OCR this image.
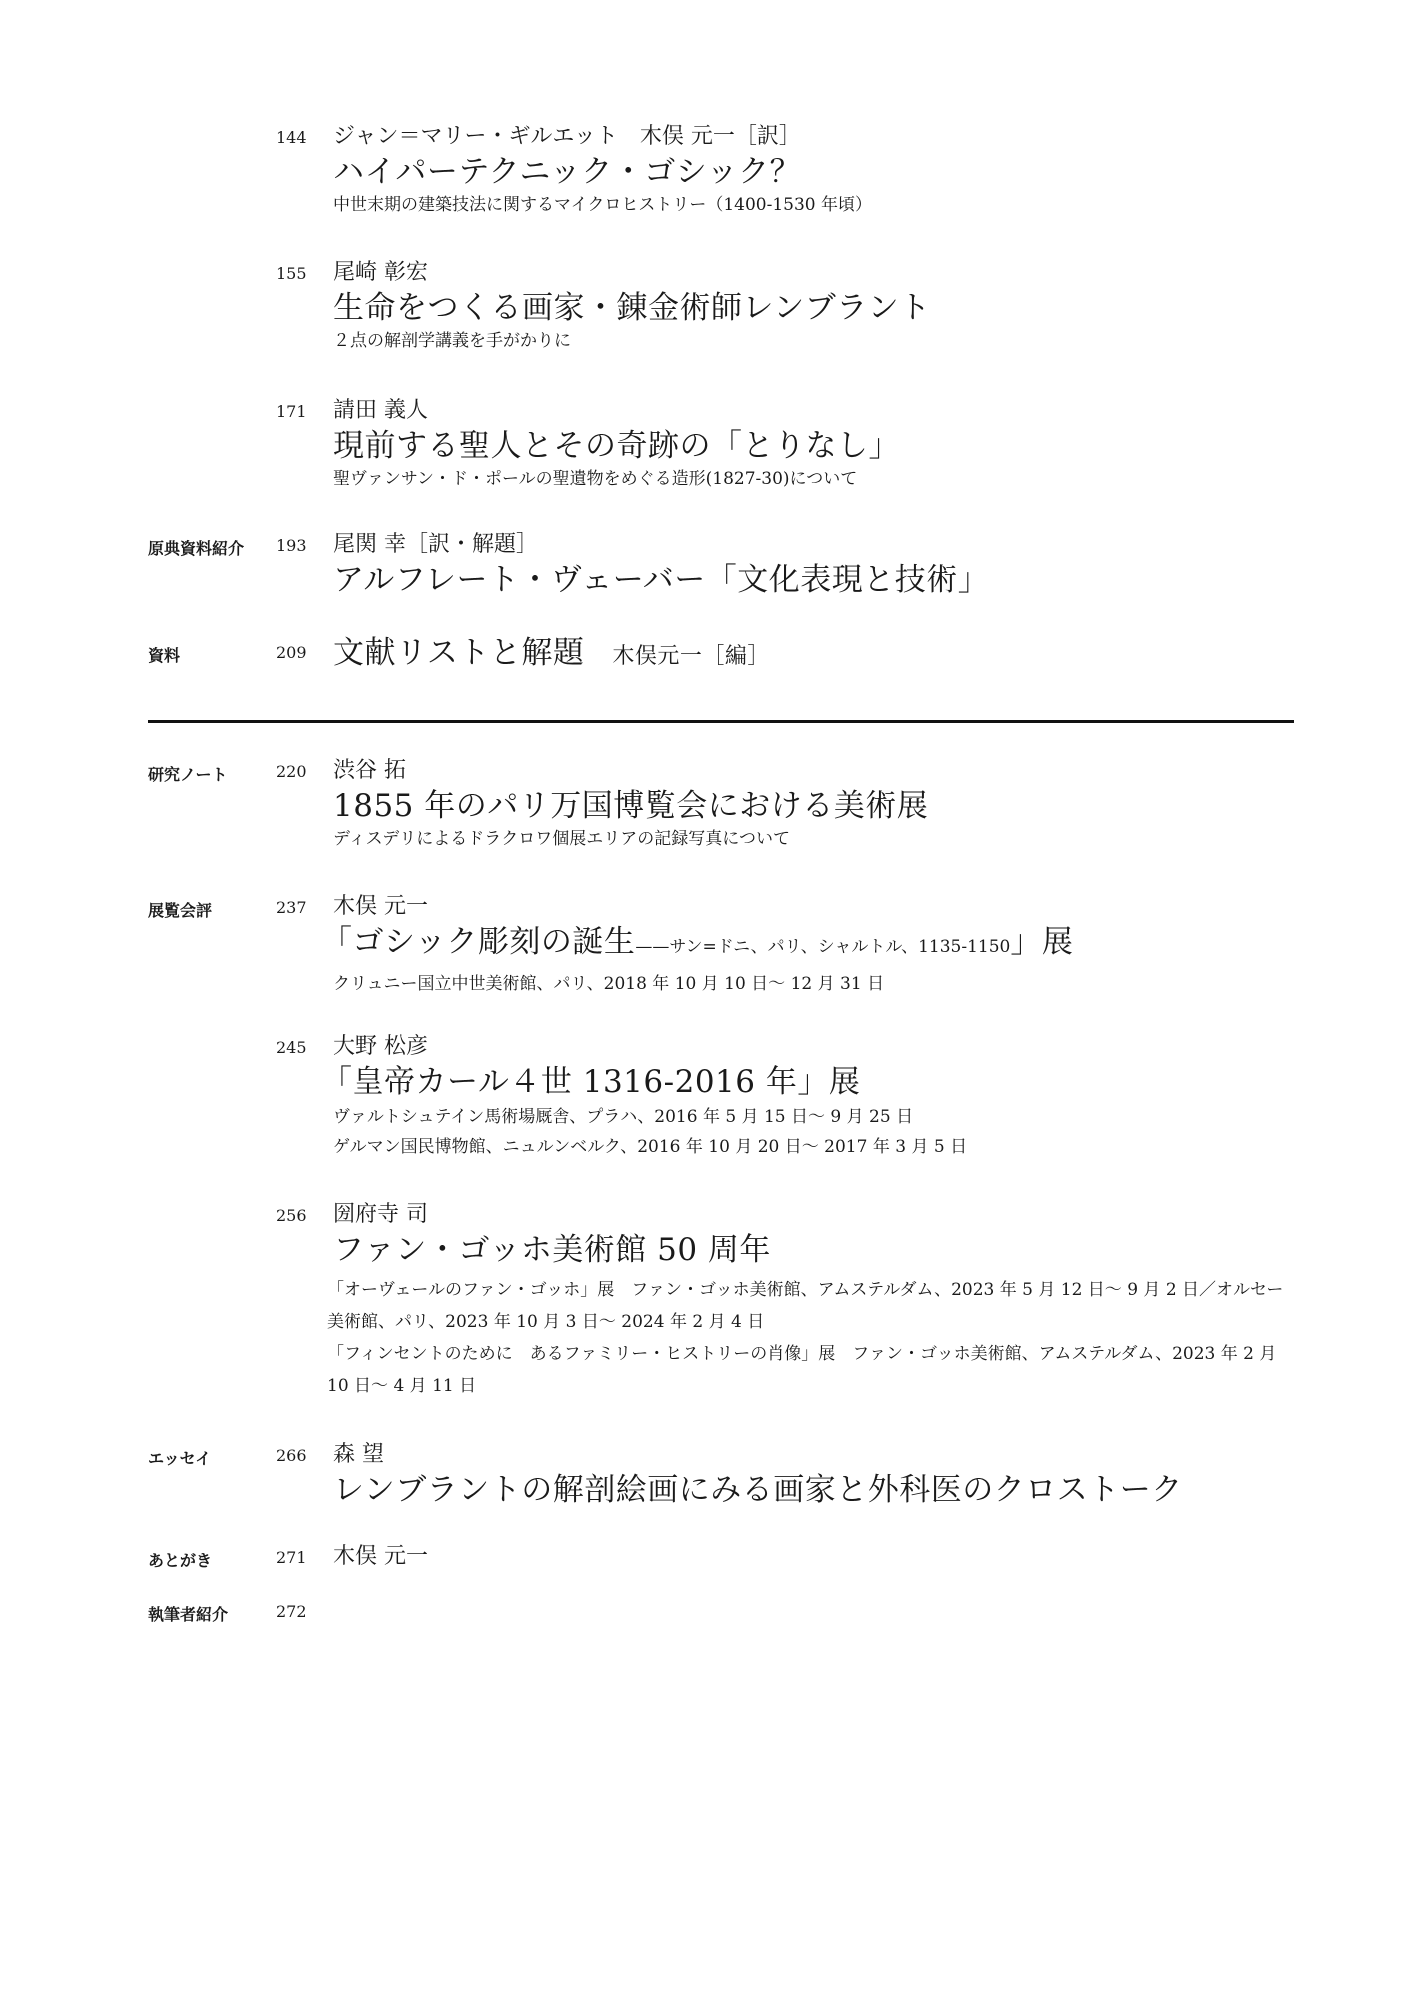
144	ジャン＝マリー・ギルエット　木俣 元一［訳］
ハイパーテクニック・ゴシック？
中世末期の建築技法に関するマイクロヒストリー（1400-1530 年頃）
155	尾崎 彰宏
生命をつくる画家・錬金術師レンブラント
２点の解剖学講義を手がかりに
171	請田 義人
現前する聖人とその奇跡の「とりなし」
聖ヴァンサン・ド・ポールの聖遺物をめぐる造形(1827-30)について
原典資料紹介 193	尾関 幸［訳・解題］
アルフレート・ヴェーバー「文化表現と技術」
資料	209 文献リストと解題 木俣元一［編］
研究ノート	220	渋谷 拓
1855 年のパリ万国博覧会における美術展
ディスデリによるドラクロワ個展エリアの記録写真について
展覧会評	237	木俣 元一
「ゴシック彫刻の誕生——サン=ドニ、パリ、シャルトル、1135-1150」展
クリュニー国立中世美術館、パリ、2018 年 10 月 10 日〜 12 月 31 日
245	大野 松彦
「皇帝カール４世 1316-2016 年」展
ヴァルトシュテイン馬術場厩舎、プラハ、2016 年 5 月 15 日〜 9 月 25 日
ゲルマン国民博物館、ニュルンベルク、2016 年 10 月 20 日〜 2017 年 3 月 5 日
256	圀府寺 司
ファン・ゴッホ美術館 50 周年
「オーヴェールのファン・ゴッホ」展　ファン・ゴッホ美術館、アムステルダム、2023 年 5 月 12 日〜 9 月 2 日／オルセー美術館、パリ、2023 年 10 月 3 日〜 2024 年 2 月 4 日
「フィンセントのために　あるファミリー・ヒストリーの肖像」展　ファン・ゴッホ美術館、アムステルダム、2023 年 2 月 10 日〜 4 月 11 日
エッセイ	266	森 望
レンブラントの解剖絵画にみる画家と外科医のクロストーク
あとがき	271	木俣 元一
執筆者紹介	272
